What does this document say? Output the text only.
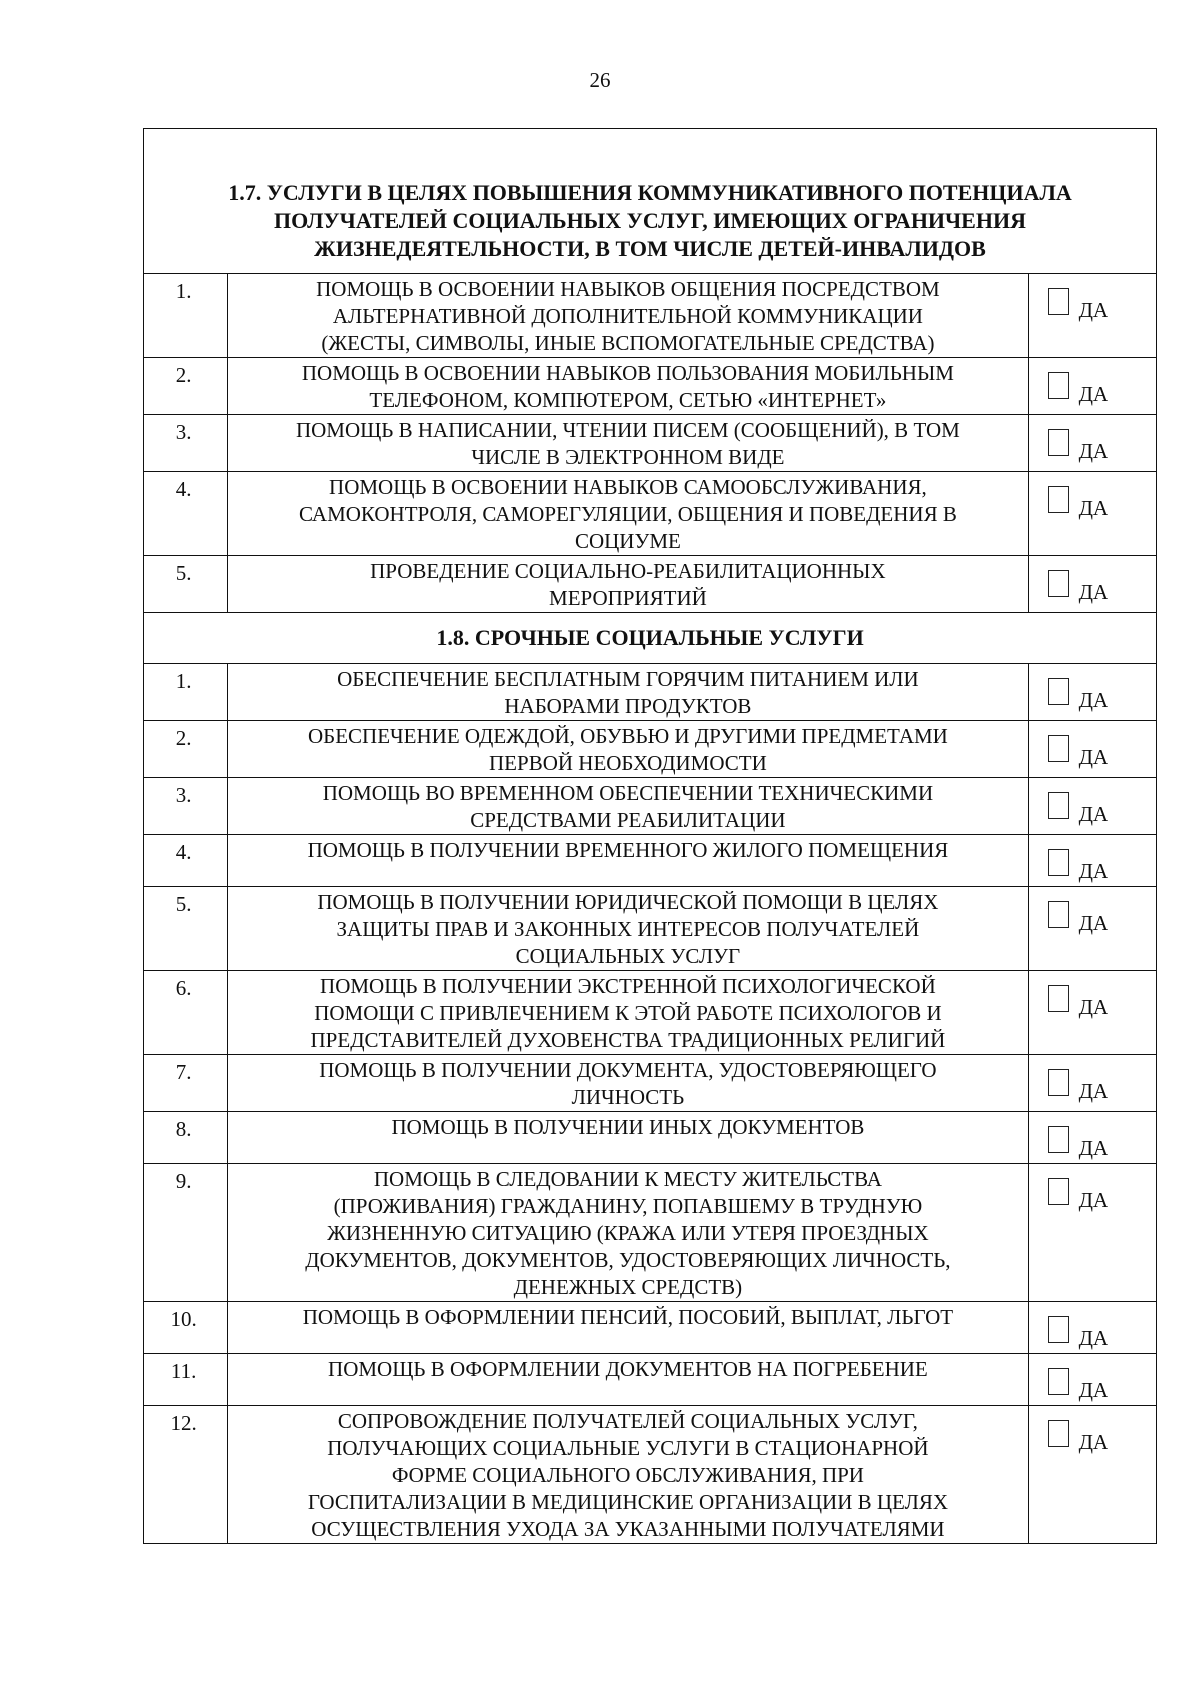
26
1.7. УСЛУГИ В ЦЕЛЯХ ПОВЫШЕНИЯ КОММУНИКАТИВНОГО ПОТЕНЦИАЛА
ПОЛУЧАТЕЛЕЙ СОЦИАЛЬНЫХ УСЛУГ, ИМЕЮЩИХ ОГРАНИЧЕНИЯ
ЖИЗНЕДЕЯТЕЛЬНОСТИ, В ТОМ ЧИСЛЕ ДЕТЕЙ-ИНВАЛИДОВ		

1.	ПОМОЩЬ В ОСВОЕНИИ НАВЫКОВ ОБЩЕНИЯ ПОСРЕДСТВОМ
АЛЬТЕРНАТИВНОЙ ДОПОЛНИТЕЛЬНОЙ КОММУНИКАЦИИ
(ЖЕСТЫ, СИМВОЛЫ, ИНЫЕ ВСПОМОГАТЕЛЬНЫЕ СРЕДСТВА)	ДА

2.	ПОМОЩЬ В ОСВОЕНИИ НАВЫКОВ ПОЛЬЗОВАНИЯ МОБИЛЬНЫМ
ТЕЛЕФОНОМ, КОМПЮТЕРОМ, СЕТЬЮ «ИНТЕРНЕТ»	ДА

3.	ПОМОЩЬ В НАПИСАНИИ, ЧТЕНИИ ПИСЕМ (СООБЩЕНИЙ), В ТОМ
ЧИСЛЕ В ЭЛЕКТРОННОМ ВИДЕ	ДА

4.	ПОМОЩЬ В ОСВОЕНИИ НАВЫКОВ САМООБСЛУЖИВАНИЯ,
САМОКОНТРОЛЯ, САМОРЕГУЛЯЦИИ, ОБЩЕНИЯ И ПОВЕДЕНИЯ В
СОЦИУМЕ	ДА

5.	ПРОВЕДЕНИЕ СОЦИАЛЬНО-РЕАБИЛИТАЦИОННЫХ
МЕРОПРИЯТИЙ	ДА

1.8. СРОЧНЫЕ СОЦИАЛЬНЫЕ УСЛУГИ		

1.	ОБЕСПЕЧЕНИЕ БЕСПЛАТНЫМ ГОРЯЧИМ ПИТАНИЕМ ИЛИ
НАБОРАМИ ПРОДУКТОВ	ДА

2.	ОБЕСПЕЧЕНИЕ ОДЕЖДОЙ, ОБУВЬЮ И ДРУГИМИ ПРЕДМЕТАМИ
ПЕРВОЙ НЕОБХОДИМОСТИ	ДА

3.	ПОМОЩЬ ВО ВРЕМЕННОМ ОБЕСПЕЧЕНИИ ТЕХНИЧЕСКИМИ
СРЕДСТВАМИ РЕАБИЛИТАЦИИ	ДА

4.	ПОМОЩЬ В ПОЛУЧЕНИИ ВРЕМЕННОГО ЖИЛОГО ПОМЕЩЕНИЯ	ДА

5.	ПОМОЩЬ В ПОЛУЧЕНИИ ЮРИДИЧЕСКОЙ ПОМОЩИ В ЦЕЛЯХ
ЗАЩИТЫ ПРАВ И ЗАКОННЫХ ИНТЕРЕСОВ ПОЛУЧАТЕЛЕЙ
СОЦИАЛЬНЫХ УСЛУГ	ДА

6.	ПОМОЩЬ В ПОЛУЧЕНИИ ЭКСТРЕННОЙ ПСИХОЛОГИЧЕСКОЙ
ПОМОЩИ С ПРИВЛЕЧЕНИЕМ К ЭТОЙ РАБОТЕ ПСИХОЛОГОВ И
ПРЕДСТАВИТЕЛЕЙ ДУХОВЕНСТВА ТРАДИЦИОННЫХ РЕЛИГИЙ	ДА

7.	ПОМОЩЬ В ПОЛУЧЕНИИ ДОКУМЕНТА, УДОСТОВЕРЯЮЩЕГО
ЛИЧНОСТЬ	ДА

8.	ПОМОЩЬ В ПОЛУЧЕНИИ ИНЫХ ДОКУМЕНТОВ	ДА

9.	ПОМОЩЬ В СЛЕДОВАНИИ К МЕСТУ ЖИТЕЛЬСТВА
(ПРОЖИВАНИЯ) ГРАЖДАНИНУ, ПОПАВШЕМУ В ТРУДНУЮ
ЖИЗНЕННУЮ СИТУАЦИЮ (КРАЖА ИЛИ УТЕРЯ ПРОЕЗДНЫХ
ДОКУМЕНТОВ, ДОКУМЕНТОВ, УДОСТОВЕРЯЮЩИХ ЛИЧНОСТЬ,
ДЕНЕЖНЫХ СРЕДСТВ)	ДА

10.	ПОМОЩЬ В ОФОРМЛЕНИИ ПЕНСИЙ, ПОСОБИЙ, ВЫПЛАТ, ЛЬГОТ	ДА

11.	ПОМОЩЬ В ОФОРМЛЕНИИ ДОКУМЕНТОВ НА ПОГРЕБЕНИЕ	ДА

12.	СОПРОВОЖДЕНИЕ ПОЛУЧАТЕЛЕЙ СОЦИАЛЬНЫХ УСЛУГ,
ПОЛУЧАЮЩИХ СОЦИАЛЬНЫЕ УСЛУГИ В СТАЦИОНАРНОЙ
ФОРМЕ СОЦИАЛЬНОГО ОБСЛУЖИВАНИЯ, ПРИ
ГОСПИТАЛИЗАЦИИ В МЕДИЦИНСКИЕ ОРГАНИЗАЦИИ В ЦЕЛЯХ
ОСУЩЕСТВЛЕНИЯ УХОДА ЗА УКАЗАННЫМИ ПОЛУЧАТЕЛЯМИ	ДА
